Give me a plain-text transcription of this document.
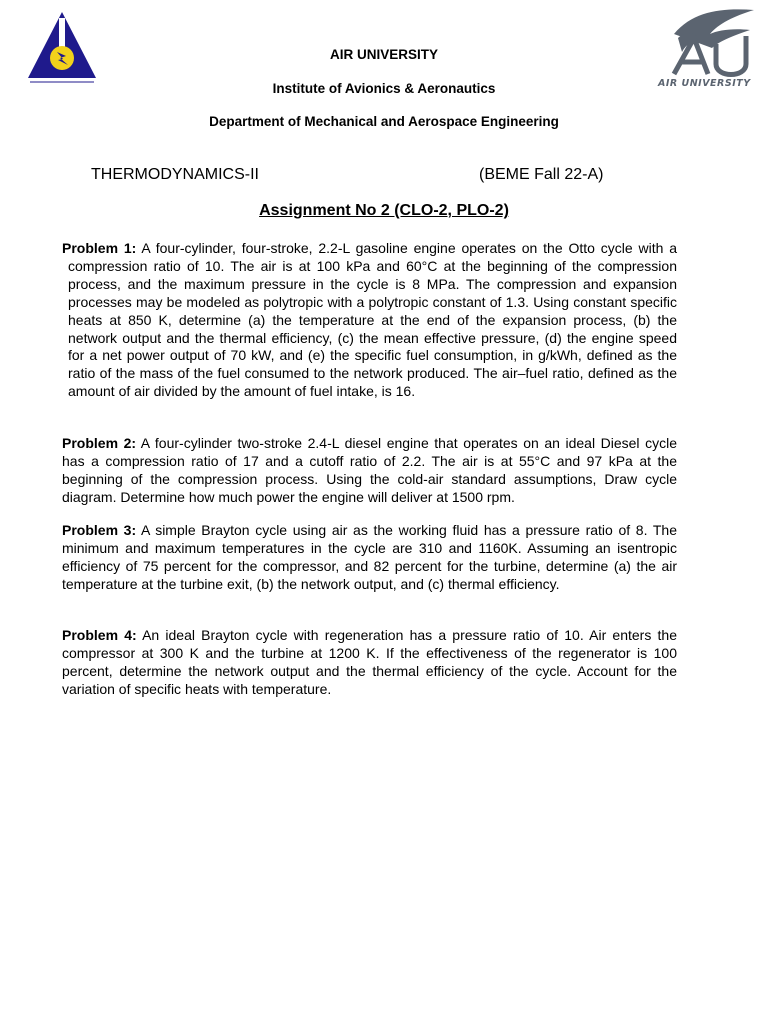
AIR UNIVERSITY
AIR UNIVERSITY
Institute of Avionics & Aeronautics
Department of Mechanical and Aerospace Engineering
THERMODYNAMICS-II	(BEME Fall 22-A)
Assignment No 2 (CLO-2, PLO-2)

Problem 1: A four-cylinder, four-stroke, 2.2-L gasoline engine operates on the Otto cycle with a compression ratio of 10. The air is at 100 kPa and 60°C at the beginning of the compression process, and the maximum pressure in the cycle is 8 MPa. The compression and expansion processes may be modeled as polytropic with a polytropic constant of 1.3. Using constant specific heats at 850 K, determine (a) the temperature at the end of the expansion process, (b) the network output and the thermal efficiency, (c) the mean effective pressure, (d) the engine speed for a net power output of 70 kW, and (e) the specific fuel consumption, in g/kWh, defined as the ratio of the mass of the fuel consumed to the network produced. The air–fuel ratio, defined as the amount of air divided by the amount of fuel intake, is 16.

Problem 2: A four-cylinder two-stroke 2.4-L diesel engine that operates on an ideal Diesel cycle has a compression ratio of 17 and a cutoff ratio of 2.2. The air is at 55°C and 97 kPa at the beginning of the compression process. Using the cold-air standard assumptions, Draw cycle diagram. Determine how much power the engine will deliver at 1500 rpm.

Problem 3: A simple Brayton cycle using air as the working fluid has a pressure ratio of 8. The minimum and maximum temperatures in the cycle are 310 and 1160K. Assuming an isentropic efficiency of 75 percent for the compressor, and 82 percent for the turbine, determine (a) the air temperature at the turbine exit, (b) the network output, and (c) thermal efficiency.

Problem 4: An ideal Brayton cycle with regeneration has a pressure ratio of 10. Air enters the compressor at 300 K and the turbine at 1200 K. If the effectiveness of the regenerator is 100 percent, determine the network output and the thermal efficiency of the cycle. Account for the variation of specific heats with temperature.
